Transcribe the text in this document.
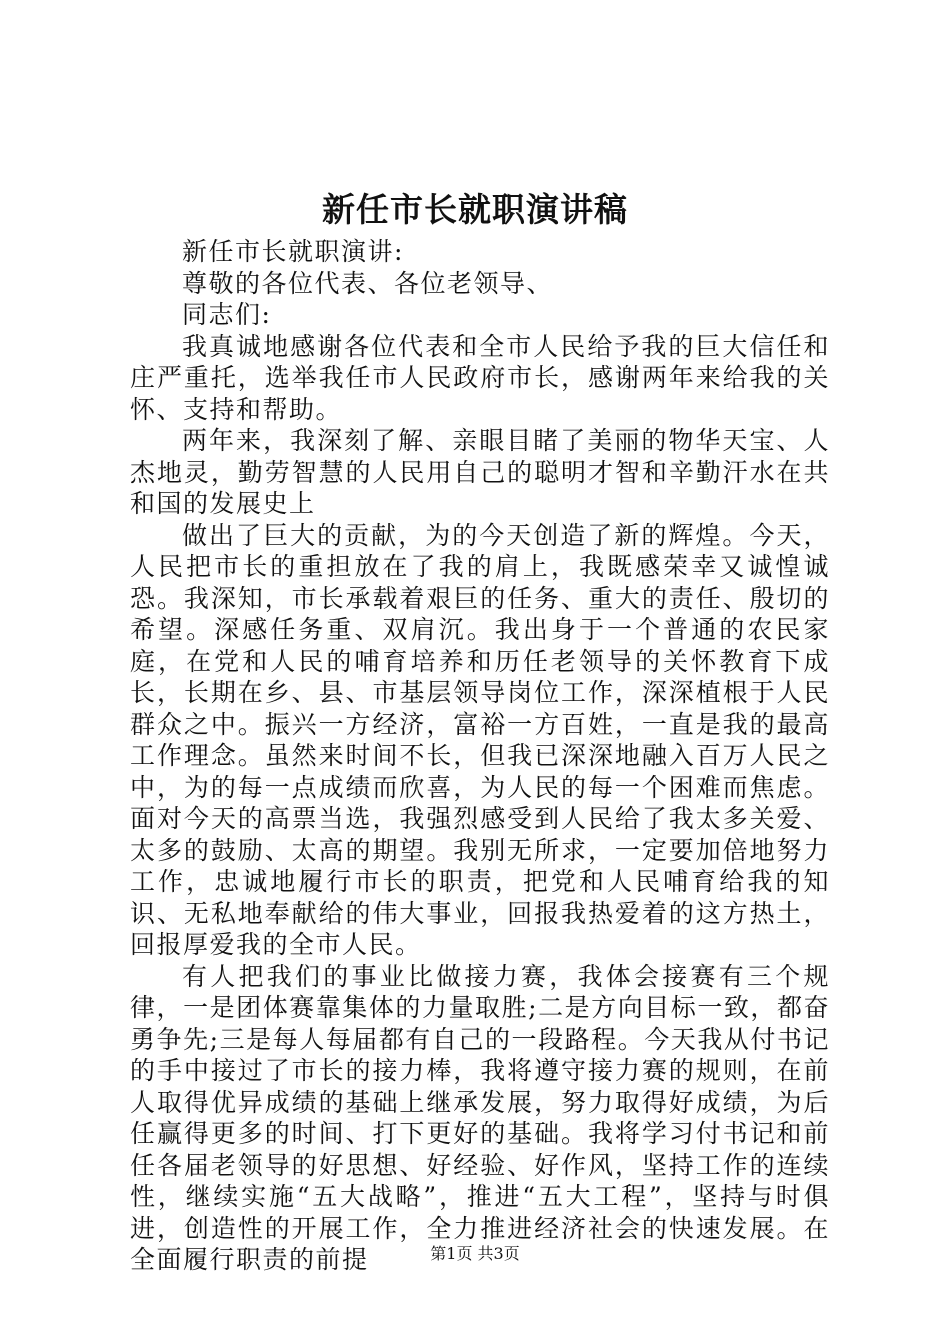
新任市长就职演讲稿

新任市长就职演讲:

尊敬的各位代表、各位老领导、

同志们:

我真诚地感谢各位代表和全市人民给予我的巨大信任和庄严重托，选举我任市人民政府市长，感谢两年来给我的关怀、支持和帮助。

两年来，我深刻了解、亲眼目睹了美丽的物华天宝、人杰地灵，勤劳智慧的人民用自己的聪明才智和辛勤汗水在共和国的发展史上

做出了巨大的贡献，为的今天创造了新的辉煌。今天，人民把市长的重担放在了我的肩上，我既感荣幸又诚惶诚恐。我深知，市长承载着艰巨的任务、重大的责任、殷切的希望。深感任务重、双肩沉。我出身于一个普通的农民家庭，在党和人民的哺育培养和历任老领导的关怀教育下成长，长期在乡、县、市基层领导岗位工作，深深植根于人民群众之中。振兴一方经济，富裕一方百姓，一直是我的最高工作理念。虽然来时间不长，但我已深深地融入百万人民之中，为的每一点成绩而欣喜，为人民的每一个困难而焦虑。面对今天的高票当选，我强烈感受到人民给了我太多关爱、太多的鼓励、太高的期望。我别无所求，一定要加倍地努力工作，忠诚地履行市长的职责，把党和人民哺育给我的知识、无私地奉献给的伟大事业，回报我热爱着的这方热土，回报厚爱我的全市人民。

有人把我们的事业比做接力赛，我体会接赛有三个规律，一是团体赛靠集体的力量取胜;二是方向目标一致，都奋勇争先;三是每人每届都有自己的一段路程。今天我从付书记的手中接过了市长的接力棒，我将遵守接力赛的规则，在前人取得优异成绩的基础上继承发展，努力取得好成绩，为后任赢得更多的时间、打下更好的基础。我将学习付书记和前任各届老领导的好思想、好经验、好作风，坚持工作的连续性，继续实施“五大战略”，推进“五大工程”，坚持与时俱进，创造性的开展工作，全力推进经济社会的快速发展。在全面履行职责的前提	第1页 共3页
